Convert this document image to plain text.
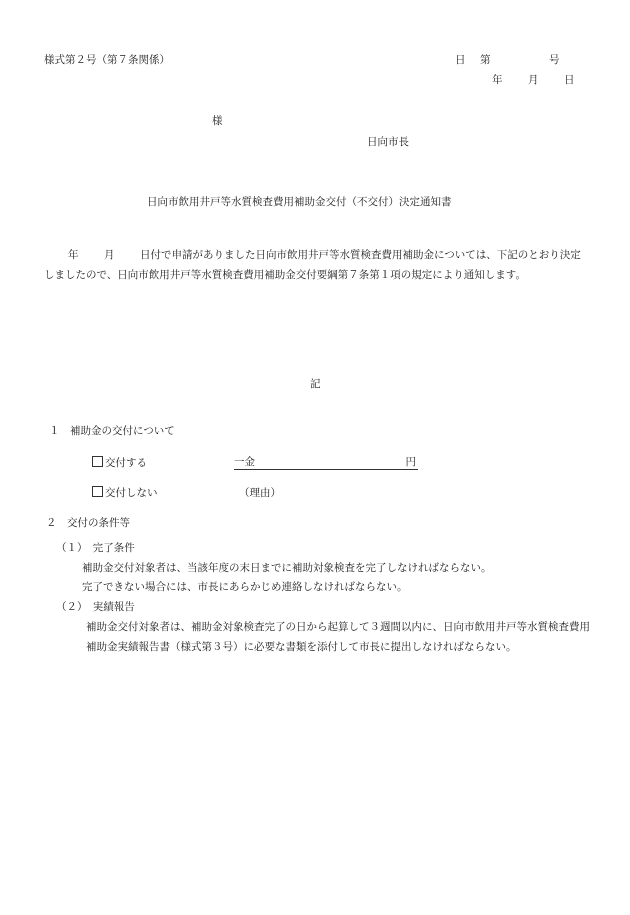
様式第２号（第７条関係）	日 第	号
年 月 日
様
日向市長
日向市飲用井戸等水質検査費用補助金交付（不交付）決定通知書
年 月	日付で申請がありました日向市飲用井戸等水質検査費用補助金については、下記のとおり決定しましたので、日向市飲用井戸等水質検査費用補助金交付要綱第７条第１項の規定により通知します。
記
１　補助金の交付について
交付する	一金	円
交付しない	（理由）
２　交付の条件等
（１）　完了条件
補助金交付対象者は、当該年度の末日までに補助対象検査を完了しなければならない。
完了できない場合には、市長にあらかじめ連絡しなければならない。
（２）　実績報告
補助金交付対象者は、補助金対象検査完了の日から起算して３週間以内に、日向市飲用井戸等水質検査費用補助金実績報告書（様式第３号）に必要な書類を添付して市長に提出しなければならない。
